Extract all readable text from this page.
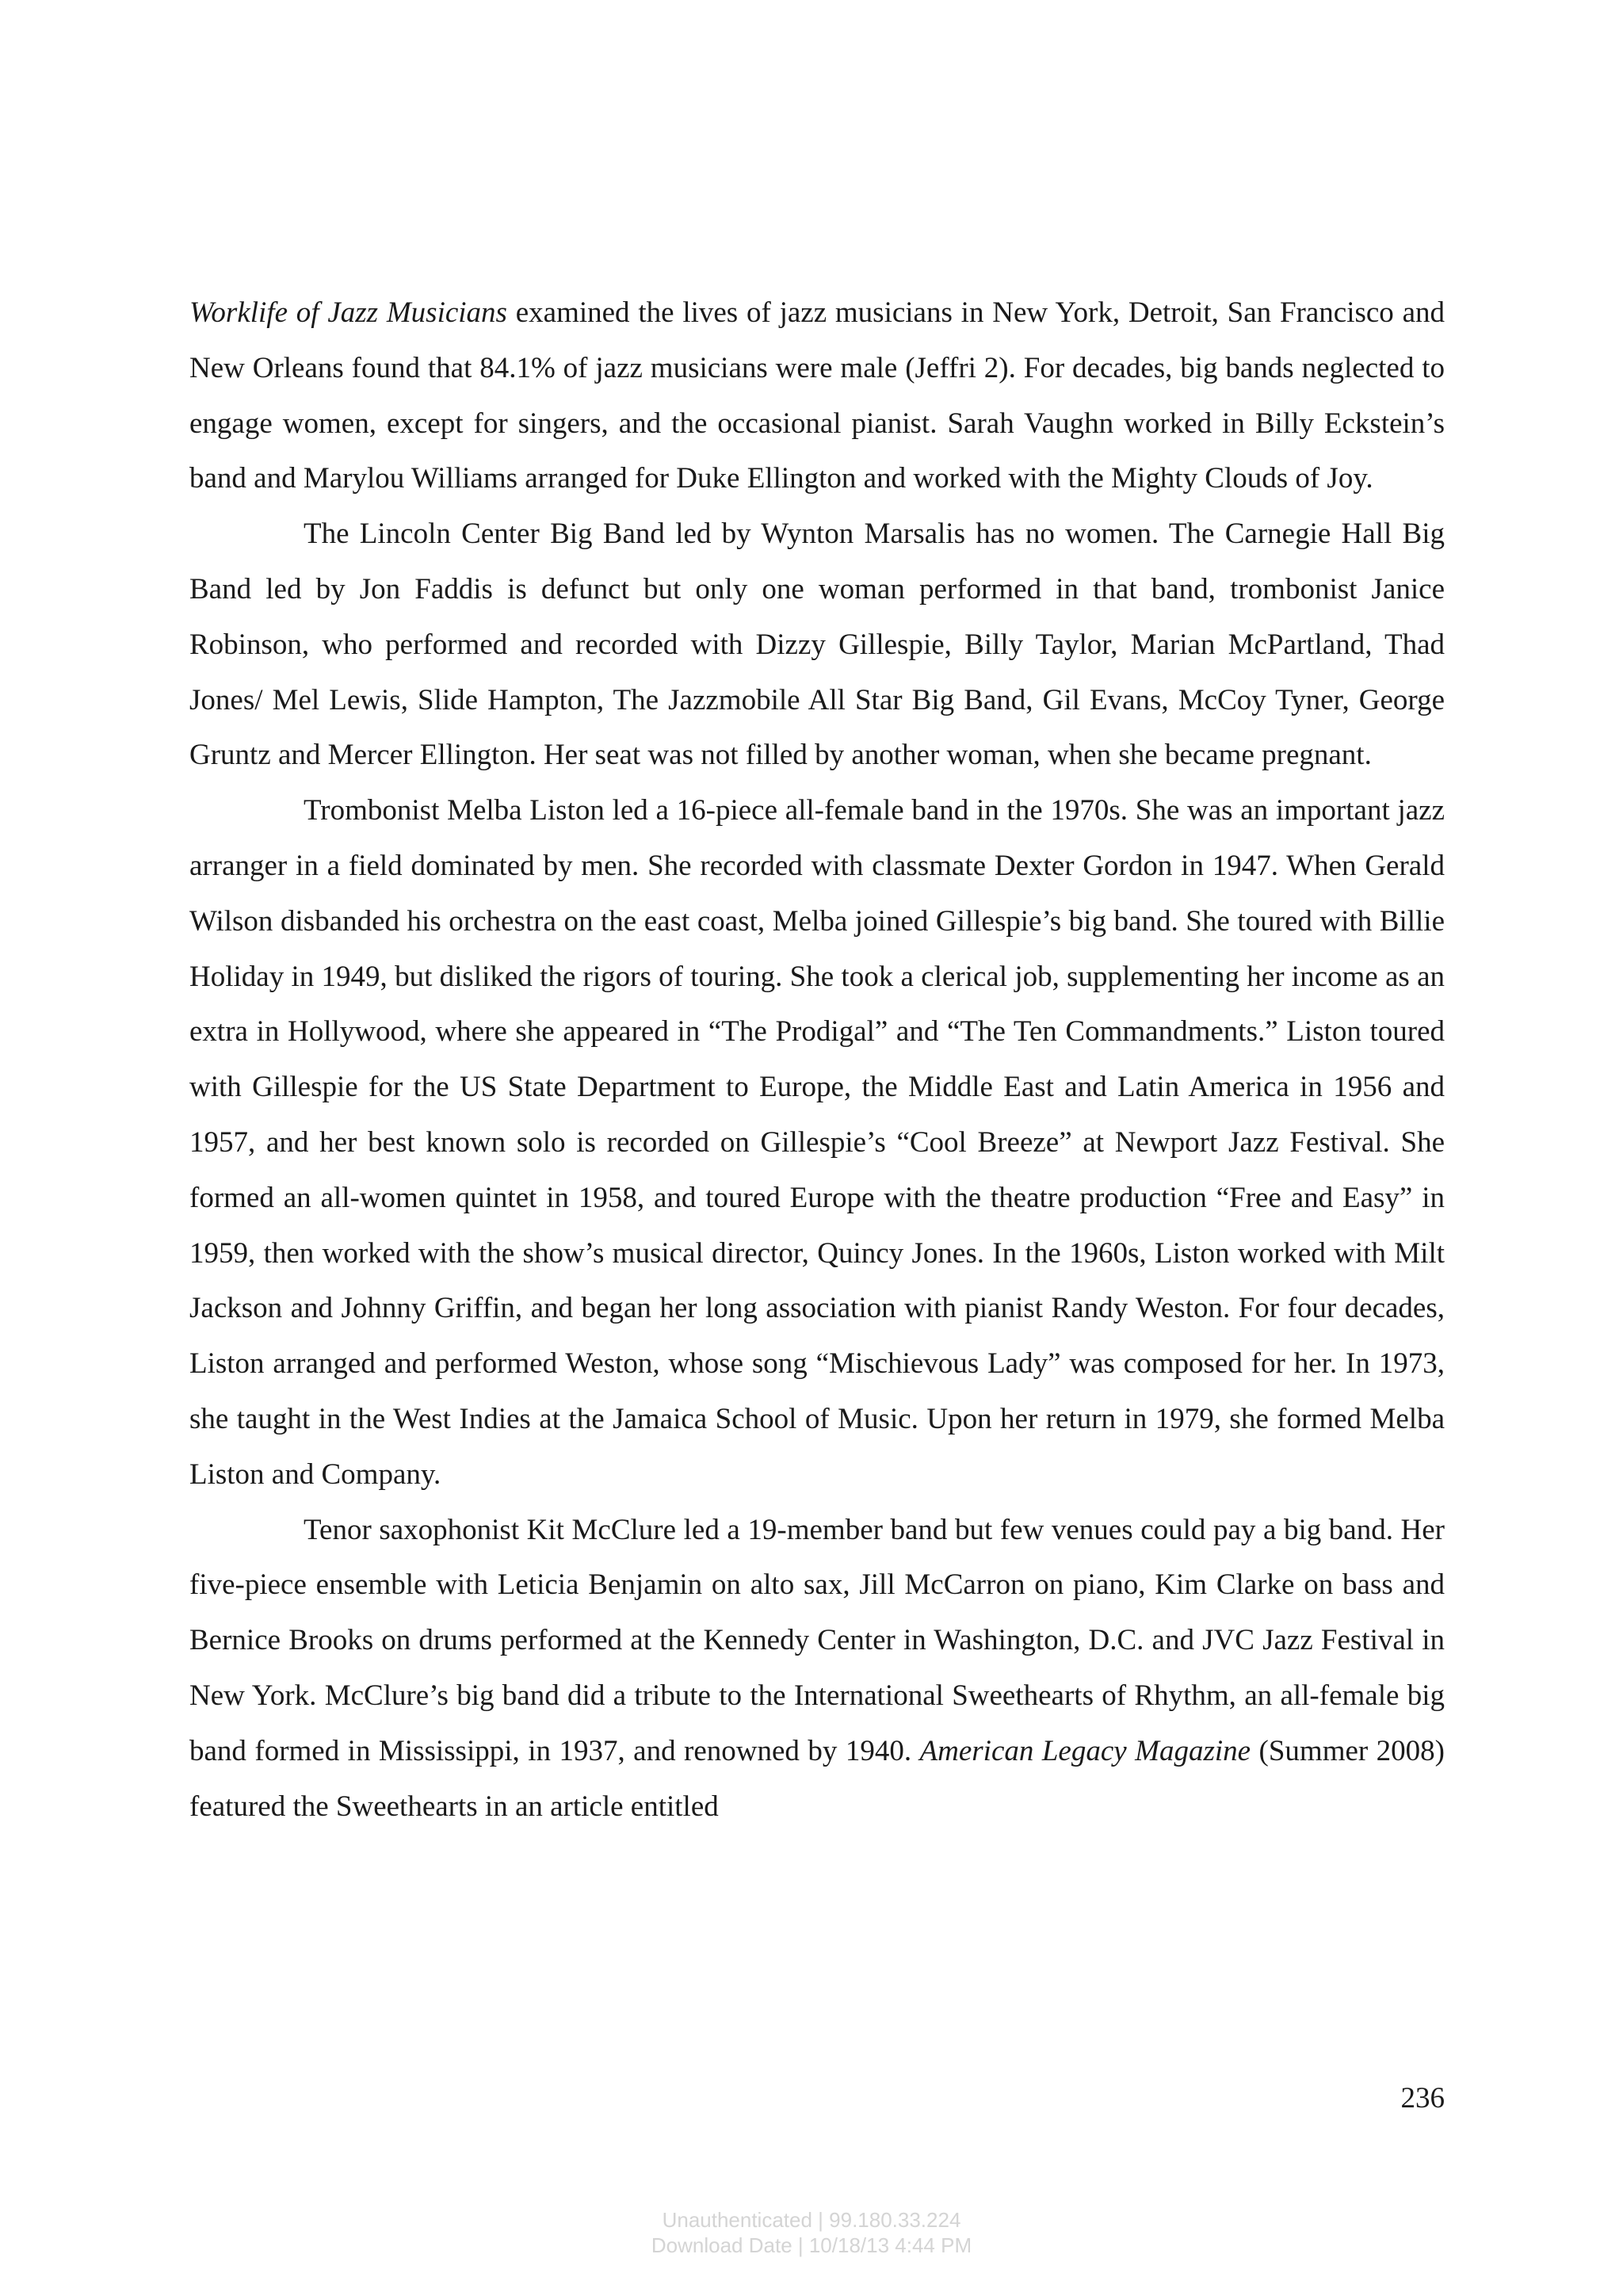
Worklife of Jazz Musicians examined the lives of jazz musicians in New York, Detroit, San Francisco and New Orleans found that 84.1% of jazz musicians were male (Jeffri 2). For decades, big bands neglected to engage women, except for singers, and the occasional pianist. Sarah Vaughn worked in Billy Eckstein’s band and Marylou Williams arranged for Duke Ellington and worked with the Mighty Clouds of Joy.

The Lincoln Center Big Band led by Wynton Marsalis has no women. The Carnegie Hall Big Band led by Jon Faddis is defunct but only one woman performed in that band, trombonist Janice Robinson, who performed and recorded with Dizzy Gillespie, Billy Taylor, Marian McPartland, Thad Jones/ Mel Lewis, Slide Hampton, The Jazzmobile All Star Big Band, Gil Evans, McCoy Tyner, George Gruntz and Mercer Ellington. Her seat was not filled by another woman, when she became pregnant.

Trombonist Melba Liston led a 16-piece all-female band in the 1970s. She was an important jazz arranger in a field dominated by men. She recorded with classmate Dexter Gordon in 1947. When Gerald Wilson disbanded his orchestra on the east coast, Melba joined Gillespie’s big band. She toured with Billie Holiday in 1949, but disliked the rigors of touring. She took a clerical job, supplementing her income as an extra in Hollywood, where she appeared in “The Prodigal” and “The Ten Commandments.” Liston toured with Gillespie for the US State Department to Europe, the Middle East and Latin America in 1956 and 1957, and her best known solo is recorded on Gillespie’s “Cool Breeze” at Newport Jazz Festival. She formed an all-women quintet in 1958, and toured Europe with the theatre production “Free and Easy” in 1959, then worked with the show’s musical director, Quincy Jones. In the 1960s, Liston worked with Milt Jackson and Johnny Griffin, and began her long association with pianist Randy Weston. For four decades, Liston arranged and performed Weston, whose song “Mischievous Lady” was composed for her. In 1973, she taught in the West Indies at the Jamaica School of Music. Upon her return in 1979, she formed Melba Liston and Company.

Tenor saxophonist Kit McClure led a 19-member band but few venues could pay a big band. Her five-piece ensemble with Leticia Benjamin on alto sax, Jill McCarron on piano, Kim Clarke on bass and Bernice Brooks on drums performed at the Kennedy Center in Washington, D.C. and JVC Jazz Festival in New York. McClure’s big band did a tribute to the International Sweethearts of Rhythm, an all-female big band formed in Mississippi, in 1937, and renowned by 1940. American Legacy Magazine (Summer 2008) featured the Sweethearts in an article entitled

236
Unauthenticated | 99.180.33.224
Download Date | 10/18/13 4:44 PM
